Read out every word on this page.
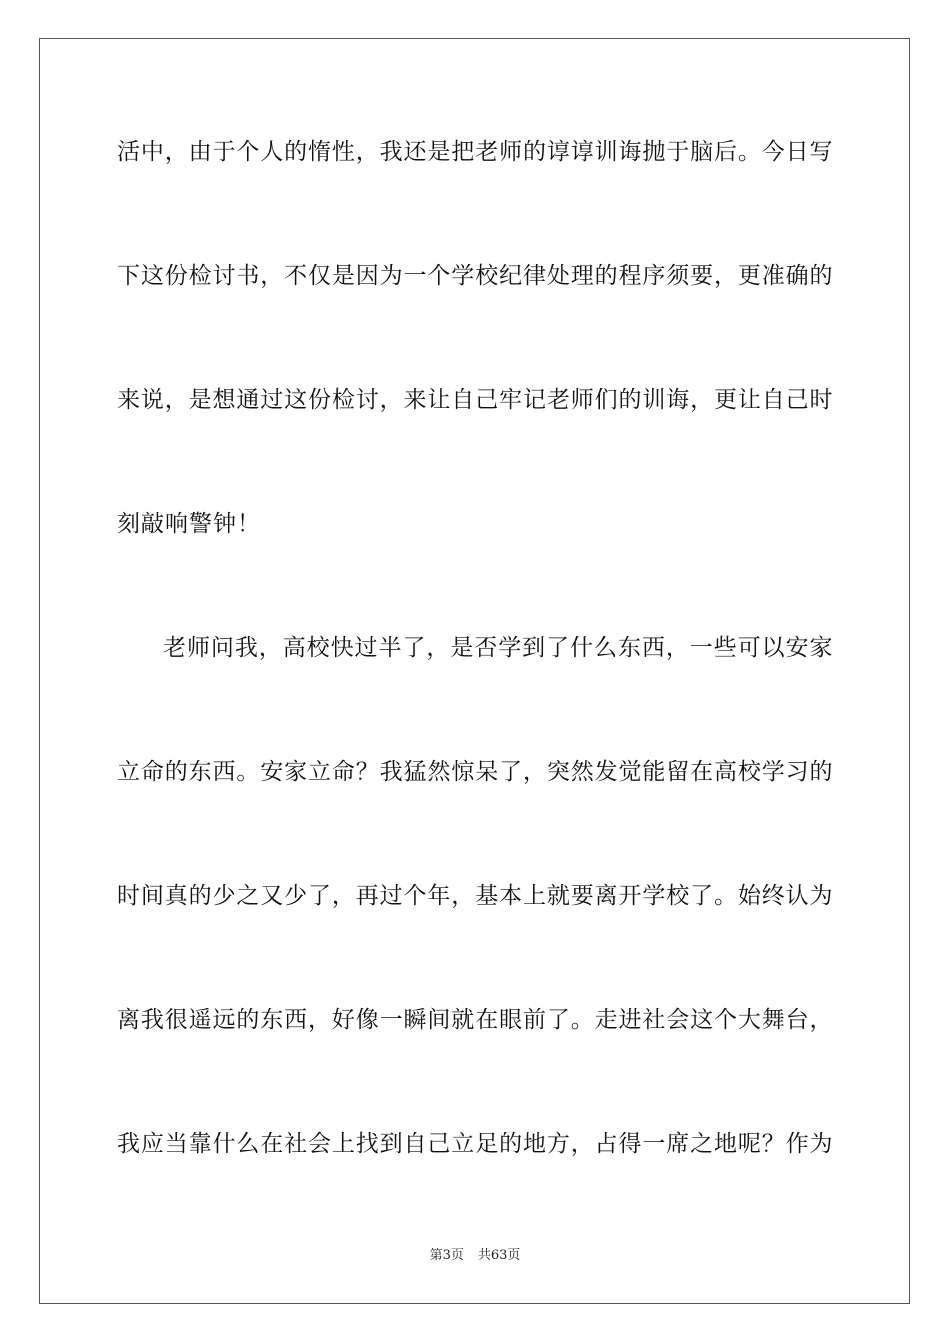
活中，由于个人的惰性，我还是把老师的谆谆训诲抛于脑后。今日写
下这份检讨书，不仅是因为一个学校纪律处理的程序须要，更准确的
来说，是想通过这份检讨，来让自己牢记老师们的训诲，更让自己时
刻敲响警钟！
老师问我，高校快过半了，是否学到了什么东西，一些可以安家
立命的东西。安家立命？我猛然惊呆了，突然发觉能留在高校学习的
时间真的少之又少了，再过个年，基本上就要离开学校了。始终认为
离我很遥远的东西，好像一瞬间就在眼前了。走进社会这个大舞台，
我应当靠什么在社会上找到自己立足的地方，占得一席之地呢？作为
第3页 共63页
